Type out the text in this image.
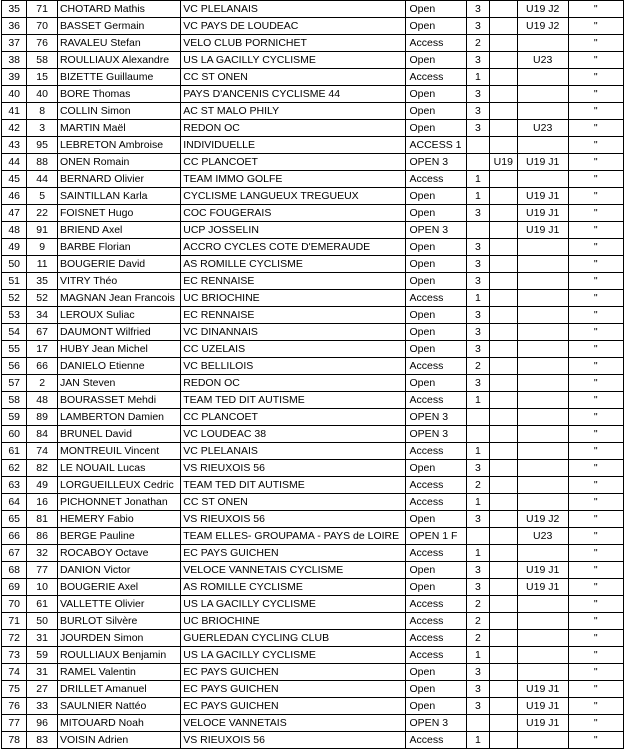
35	71	CHOTARD Mathis	VC PLELANAIS	Open	3		U19 J2	"
36	70	BASSET Germain	VC PAYS DE LOUDEAC	Open	3		U19 J2	"
37	76	RAVALEU Stefan	VELO CLUB PORNICHET	Access	2			"
38	58	ROULLIAUX Alexandre	US LA GACILLY CYCLISME	Open	3		U23	"
39	15	BIZETTE Guillaume	CC ST ONEN	Access	1			"
40	40	BORE Thomas	PAYS D'ANCENIS CYCLISME 44	Open	3			"
41	8	COLLIN Simon	AC ST MALO PHILY	Open	3			"
42	3	MARTIN Maël	REDON OC	Open	3		U23	"
43	95	LEBRETON Ambroise	INDIVIDUELLE	ACCESS 1				"
44	88	ONEN Romain	CC PLANCOET	OPEN 3		U19	U19 J1	"
45	44	BERNARD Olivier	TEAM IMMO GOLFE	Access	1			"
46	5	SAINTILLAN Karla	CYCLISME LANGUEUX TREGUEUX	Open	1		U19 J1	"
47	22	FOISNET Hugo	COC FOUGERAIS	Open	3		U19 J1	"
48	91	BRIEND Axel	UCP JOSSELIN	OPEN 3			U19 J1	"
49	9	BARBE Florian	ACCRO CYCLES COTE D'EMERAUDE	Open	3			"
50	11	BOUGERIE David	AS ROMILLE CYCLISME	Open	3			"
51	35	VITRY Théo	EC RENNAISE	Open	3			"
52	52	MAGNAN Jean Francois	UC BRIOCHINE	Access	1			"
53	34	LEROUX Suliac	EC RENNAISE	Open	3			"
54	67	DAUMONT Wilfried	VC DINANNAIS	Open	3			"
55	17	HUBY Jean Michel	CC UZELAIS	Open	3			"
56	66	DANIELO Etienne	VC BELLILOIS	Access	2			"
57	2	JAN Steven	REDON OC	Open	3			"
58	48	BOURASSET Mehdi	TEAM TED DIT AUTISME	Access	1			"
59	89	LAMBERTON Damien	CC PLANCOET	OPEN 3				"
60	84	BRUNEL David	VC LOUDEAC 38	OPEN 3				"
61	74	MONTREUIL Vincent	VC PLELANAIS	Access	1			"
62	82	LE NOUAIL Lucas	VS RIEUXOIS 56	Open	3			"
63	49	LORGUEILLEUX Cedric	TEAM TED DIT AUTISME	Access	2			"
64	16	PICHONNET Jonathan	CC ST ONEN	Access	1			"
65	81	HEMERY Fabio	VS RIEUXOIS 56	Open	3		U19 J2	"
66	86	BERGE Pauline	TEAM ELLES- GROUPAMA - PAYS de LOIRE	OPEN 1 F			U23	"
67	32	ROCABOY Octave	EC PAYS GUICHEN	Access	1			"
68	77	DANION Victor	VELOCE VANNETAIS CYCLISME	Open	3		U19 J1	"
69	10	BOUGERIE Axel	AS ROMILLE CYCLISME	Open	3		U19 J1	"
70	61	VALLETTE Olivier	US LA GACILLY CYCLISME	Access	2			"
71	50	BURLOT Silvère	UC BRIOCHINE	Access	2			"
72	31	JOURDEN Simon	GUERLEDAN CYCLING CLUB	Access	2			"
73	59	ROULLIAUX Benjamin	US LA GACILLY CYCLISME	Access	1			"
74	31	RAMEL Valentin	EC PAYS GUICHEN	Open	3			"
75	27	DRILLET Amanuel	EC PAYS GUICHEN	Open	3		U19 J1	"
76	33	SAULNIER Nattéo	EC PAYS GUICHEN	Open	3		U19 J1	"
77	96	MITOUARD Noah	VELOCE VANNETAIS	OPEN 3			U19 J1	"
78	83	VOISIN Adrien	VS RIEUXOIS 56	Access	1			"
